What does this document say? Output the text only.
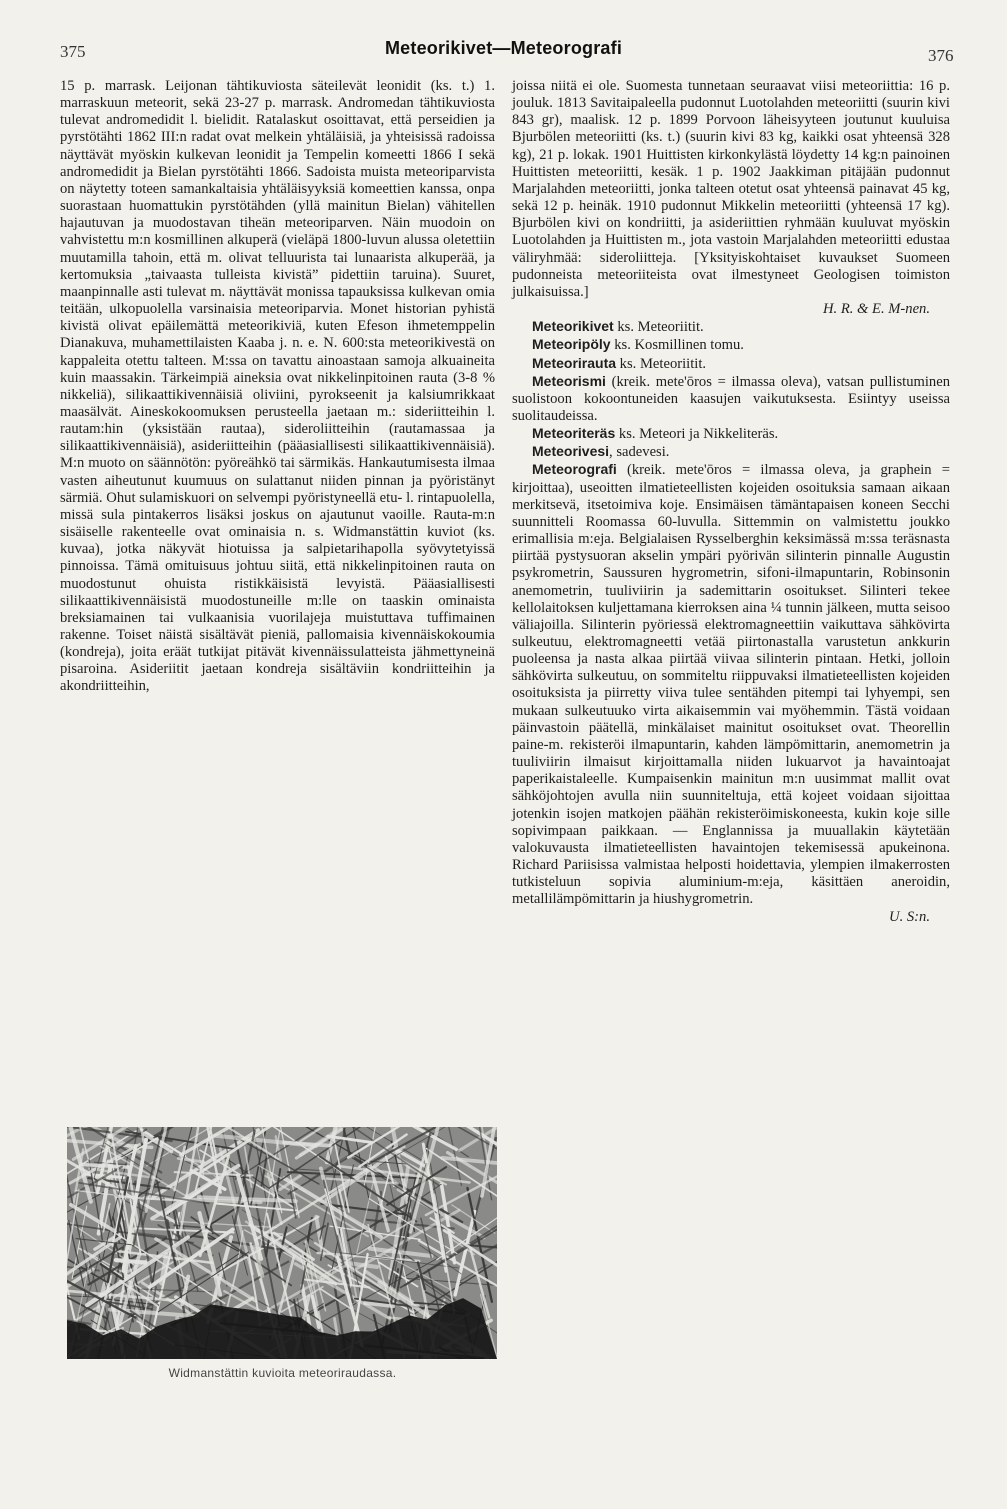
375	Meteorikivet—Meteorografi	376

15 p. marrask. Leijonan tähtikuviosta säteilevät leonidit (ks. t.) 1. marraskuun meteorit, sekä 23-27 p. marrask. Andromedan tähtikuviosta tulevat andromedidit l. bielidit. Ratalaskut osoittavat, että perseidien ja pyrstötähti 1862 III:n radat ovat melkein yhtäläisiä, ja yhteisissä radoissa näyttävät myöskin kulkevan leonidit ja Tempelin komeetti 1866 I sekä andromedidit ja Bielan pyrstötähti 1866. Sadoista muista meteoriparvista on näytetty toteen samankaltaisia yhtäläisyyksiä komeettien kanssa, onpa suorastaan huomattukin pyrstötähden (yllä mainitun Bielan) vähitellen hajautuvan ja muodostavan tiheän meteoriparven. Näin muodoin on vahvistettu m:n kosmillinen alkuperä (vieläpä 1800-luvun alussa oletettiin muutamilla tahoin, että m. olivat telluurista tai lunaarista alkuperää, ja kertomuksia „taivaasta tulleista kivistä” pidettiin taruina). Suuret, maanpinnalle asti tulevat m. näyttävät monissa tapauksissa kulkevan omia teitään, ulkopuolella varsinaisia meteoriparvia. Monet historian pyhistä kivistä olivat epäilemättä meteorikiviä, kuten Efeson ihmetemppelin Dianakuva, muhamettilaisten Kaaba j. n. e. N. 600:sta meteorikivestä on kappaleita otettu talteen. M:ssa on tavattu ainoastaan samoja alkuaineita kuin maassakin. Tärkeimpiä aineksia ovat nikkelinpitoinen rauta (3-8 % nikkeliä), silikaattikivennäisiä oliviini, pyrokseenit ja kalsiumrikkaat maasälvät. Aineskokoomuksen perusteella jaetaan m.: sideriitteihin l. rautam:hin (yksistään rautaa), sideroliitteihin (rautamassaa ja silikaattikivennäisiä), asideriitteihin (pääasiallisesti silikaattikivennäisiä). M:n muoto on säännötön: pyöreähkö tai särmikäs. Hankautumisesta ilmaa vasten aiheutunut kuumuus on sulattanut niiden pinnan ja pyöristänyt särmiä. Ohut sulamiskuori on selvempi pyöristyneellä etu- l. rintapuolella, missä sula pintakerros lisäksi joskus on ajautunut vaoille. Rauta-m:n sisäiselle rakenteelle ovat ominaisia n. s. Widmanstättin kuviot (ks. kuvaa), jotka näkyvät hiotuissa ja salpietarihapolla syövytetyissä pinnoissa. Tämä omituisuus johtuu siitä, että nikkelinpitoinen rauta on muodostunut ohuista ristikkäisistä levyistä. Pääasiallisesti silikaattikivennäisistä muodostuneille m:lle on taaskin ominaista breksiamainen tai vulkaanisia vuorilajeja muistuttava tuffimainen rakenne. Toiset näistä sisältävät pieniä, pallomaisia kivennäiskokoumia (kondreja), joita eräät tutkijat pitävät kivennäissulatteista jähmettyneinä pisaroina. Asideriitit jaetaan kondreja sisältäviin kondriitteihin ja akondriitteihin,

Widmanstättin kuvioita meteoriraudassa.

joissa niitä ei ole. Suomesta tunnetaan seuraavat viisi meteoriittia: 16 p. jouluk. 1813 Savitaipaleella pudonnut Luotolahden meteoriitti (suurin kivi 843 gr), maalisk. 12 p. 1899 Porvoon läheisyyteen joutunut kuuluisa Bjurbölen meteoriitti (ks. t.) (suurin kivi 83 kg, kaikki osat yhteensä 328 kg), 21 p. lokak. 1901 Huittisten kirkonkylästä löydetty 14 kg:n painoinen Huittisten meteoriitti, kesäk. 1 p. 1902 Jaakkiman pitäjään pudonnut Marjalahden meteoriitti, jonka talteen otetut osat yhteensä painavat 45 kg, sekä 12 p. heinäk. 1910 pudonnut Mikkelin meteoriitti (yhteensä 17 kg). Bjurbölen kivi on kondriitti, ja asideriittien ryhmään kuuluvat myöskin Luotolahden ja Huittisten m., jota vastoin Marjalahden meteoriitti edustaa väliryhmää: sideroliitteja. [Yksityiskohtaiset kuvaukset Suomeen pudonneista meteoriiteista ovat ilmestyneet Geologisen toimiston julkaisuissa.]

H. R. & E. M-nen.

Meteorikivet ks. Meteoriitit.

Meteoripöly ks. Kosmillinen tomu.

Meteorirauta ks. Meteoriitit.

Meteorismi (kreik. mete'ōros = ilmassa oleva), vatsan pullistuminen suolistoon kokoontuneiden kaasujen vaikutuksesta. Esiintyy useissa suolitaudeissa.

Meteoriteräs ks. Meteori ja Nikkeliteräs.

Meteorivesi, sadevesi.

Meteorografi (kreik. mete'ōros = ilmassa oleva, ja graphein = kirjoittaa), useoitten ilmatieteellisten kojeiden osoituksia samaan aikaan merkitsevä, itsetoimiva koje. Ensimäisen tämäntapaisen koneen Secchi suunnitteli Roomassa 60-luvulla. Sittemmin on valmistettu joukko erimallisia m:eja. Belgialaisen Rysselberghin keksimässä m:ssa teräsnasta piirtää pystysuoran akselin ympäri pyörivän silinterin pinnalle Augustin psykrometrin, Saussuren hygrometrin, sifoni-ilmapuntarin, Robinsonin anemometrin, tuuliviirin ja sademittarin osoitukset. Silinteri tekee kellolaitoksen kuljettamana kierroksen aina ¼ tunnin jälkeen, mutta seisoo väliajoilla. Silinterin pyöriessä elektromagneettiin vaikuttava sähkövirta sulkeutuu, elektromagneetti vetää piirtonastalla varustetun ankkurin puoleensa ja nasta alkaa piirtää viivaa silinterin pintaan. Hetki, jolloin sähkövirta sulkeutuu, on sommiteltu riippuvaksi ilmatieteellisten kojeiden osoituksista ja piirretty viiva tulee sentähden pitempi tai lyhyempi, sen mukaan sulkeutuuko virta aikaisemmin vai myöhemmin. Tästä voidaan päinvastoin päätellä, minkälaiset mainitut osoitukset ovat. Theorellin paine-m. rekisteröi ilmapuntarin, kahden lämpömittarin, anemometrin ja tuuliviirin ilmaisut kirjoittamalla niiden lukuarvot ja havaintoajat paperikaistaleelle. Kumpaisenkin mainitun m:n uusimmat mallit ovat sähköjohtojen avulla niin suunniteltuja, että kojeet voidaan sijoittaa jotenkin isojen matkojen päähän rekisteröimiskoneesta, kukin koje sille sopivimpaan paikkaan. — Englannissa ja muuallakin käytetään valokuvausta ilmatieteellisten havaintojen tekemisessä apukeinona. Richard Pariisissa valmistaa helposti hoidettavia, ylempien ilmakerrosten tutkisteluun sopivia aluminium-m:eja, käsittäen aneroidin, metallilämpömittarin ja hiushygrometrin.

U. S:n.
